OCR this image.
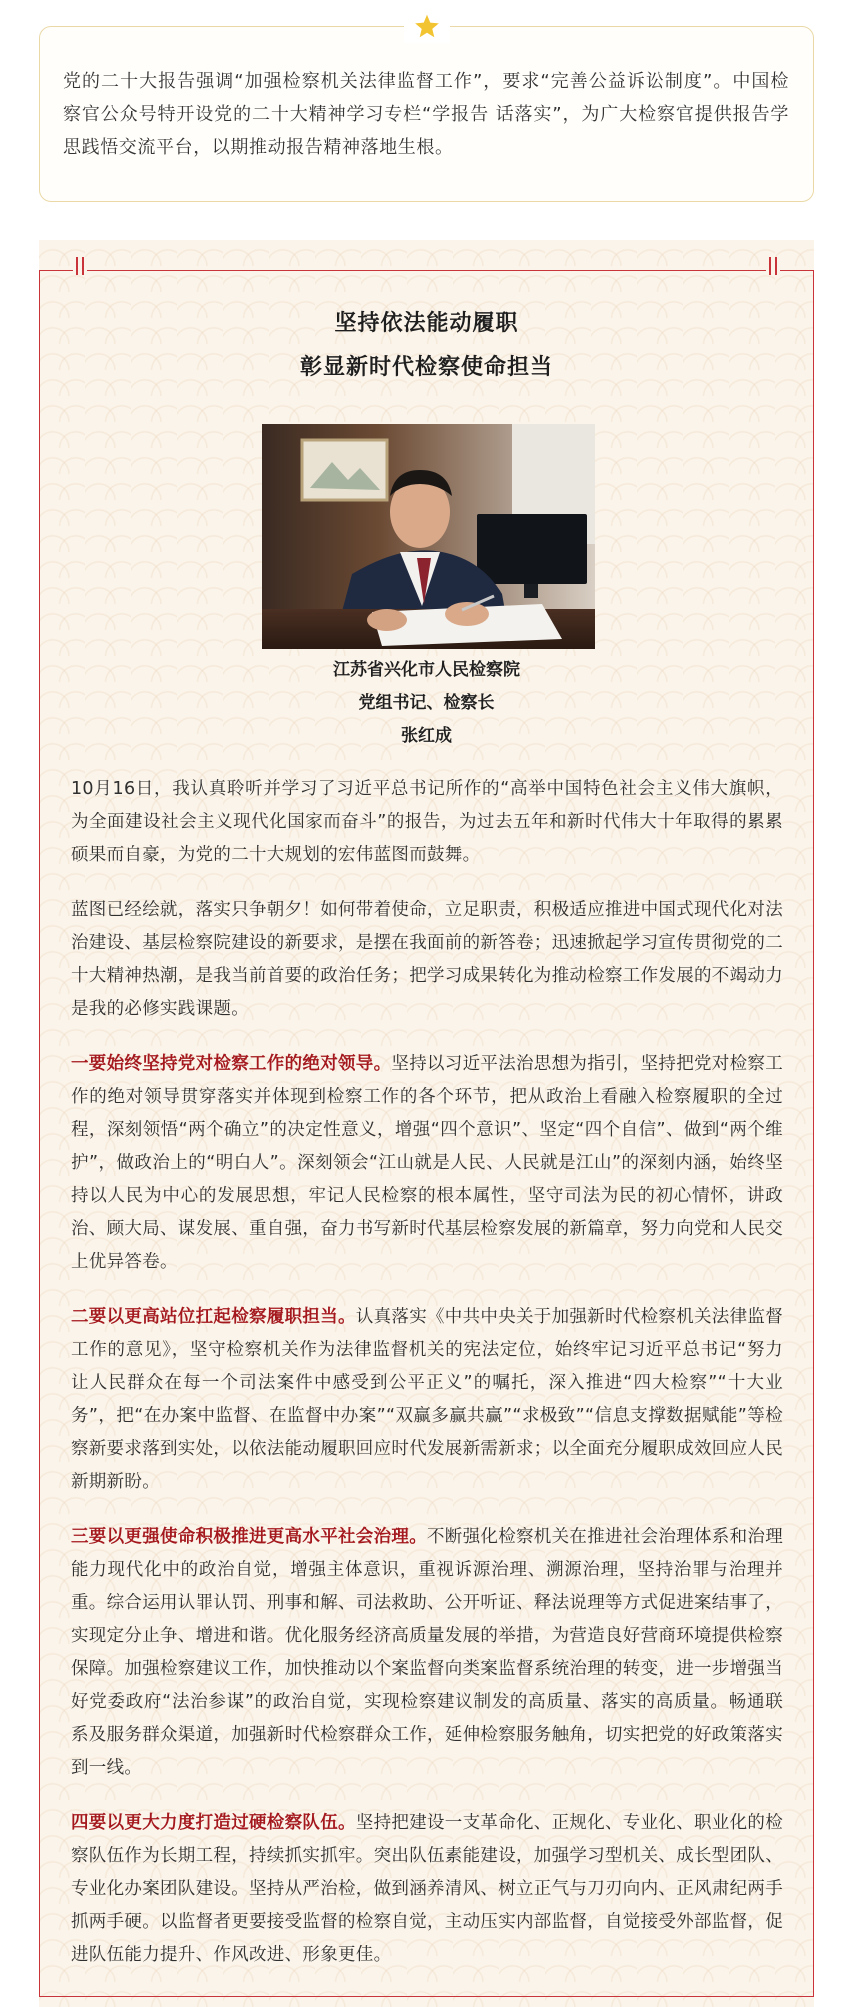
党的二十大报告强调“加强检察机关法律监督工作”，要求“完善公益诉讼制度”。中国检察官公众号特开设党的二十大精神学习专栏“学报告 话落实”，为广大检察官提供报告学思践悟交流平台，以期推动报告精神落地生根。
坚持依法能动履职
彰显新时代检察使命担当
江苏省兴化市人民检察院
党组书记、检察长
张红成

10月16日，我认真聆听并学习了习近平总书记所作的“高举中国特色社会主义伟大旗帜，为全面建设社会主义现代化国家而奋斗”的报告，为过去五年和新时代伟大十年取得的累累硕果而自豪，为党的二十大规划的宏伟蓝图而鼓舞。

蓝图已经绘就，落实只争朝夕！如何带着使命，立足职责，积极适应推进中国式现代化对法治建设、基层检察院建设的新要求，是摆在我面前的新答卷；迅速掀起学习宣传贯彻党的二十大精神热潮，是我当前首要的政治任务；把学习成果转化为推动检察工作发展的不竭动力是我的必修实践课题。

一要始终坚持党对检察工作的绝对领导。坚持以习近平法治思想为指引，坚持把党对检察工作的绝对领导贯穿落实并体现到检察工作的各个环节，把从政治上看融入检察履职的全过程，深刻领悟“两个确立”的决定性意义，增强“四个意识”、坚定“四个自信”、做到“两个维护”，做政治上的“明白人”。深刻领会“江山就是人民、人民就是江山”的深刻内涵，始终坚持以人民为中心的发展思想，牢记人民检察的根本属性，坚守司法为民的初心情怀，讲政治、顾大局、谋发展、重自强，奋力书写新时代基层检察发展的新篇章，努力向党和人民交上优异答卷。

二要以更高站位扛起检察履职担当。认真落实《中共中央关于加强新时代检察机关法律监督工作的意见》，坚守检察机关作为法律监督机关的宪法定位，始终牢记习近平总书记“努力让人民群众在每一个司法案件中感受到公平正义”的嘱托，深入推进“四大检察”“十大业务”，把“在办案中监督、在监督中办案”“双赢多赢共赢”“求极致”“信息支撑数据赋能”等检察新要求落到实处，以依法能动履职回应时代发展新需新求；以全面充分履职成效回应人民新期新盼。

三要以更强使命积极推进更高水平社会治理。不断强化检察机关在推进社会治理体系和治理能力现代化中的政治自觉，增强主体意识，重视诉源治理、溯源治理，坚持治罪与治理并重。综合运用认罪认罚、刑事和解、司法救助、公开听证、释法说理等方式促进案结事了，实现定分止争、增进和谐。优化服务经济高质量发展的举措，为营造良好营商环境提供检察保障。加强检察建议工作，加快推动以个案监督向类案监督系统治理的转变，进一步增强当好党委政府“法治参谋”的政治自觉，实现检察建议制发的高质量、落实的高质量。畅通联系及服务群众渠道，加强新时代检察群众工作，延伸检察服务触角，切实把党的好政策落实到一线。

四要以更大力度打造过硬检察队伍。坚持把建设一支革命化、正规化、专业化、职业化的检察队伍作为长期工程，持续抓实抓牢。突出队伍素能建设，加强学习型机关、成长型团队、专业化办案团队建设。坚持从严治检，做到涵养清风、树立正气与刀刃向内、正风肃纪两手抓两手硬。以监督者更要接受监督的检察自觉，主动压实内部监督，自觉接受外部监督，促进队伍能力提升、作风改进、形象更佳。
